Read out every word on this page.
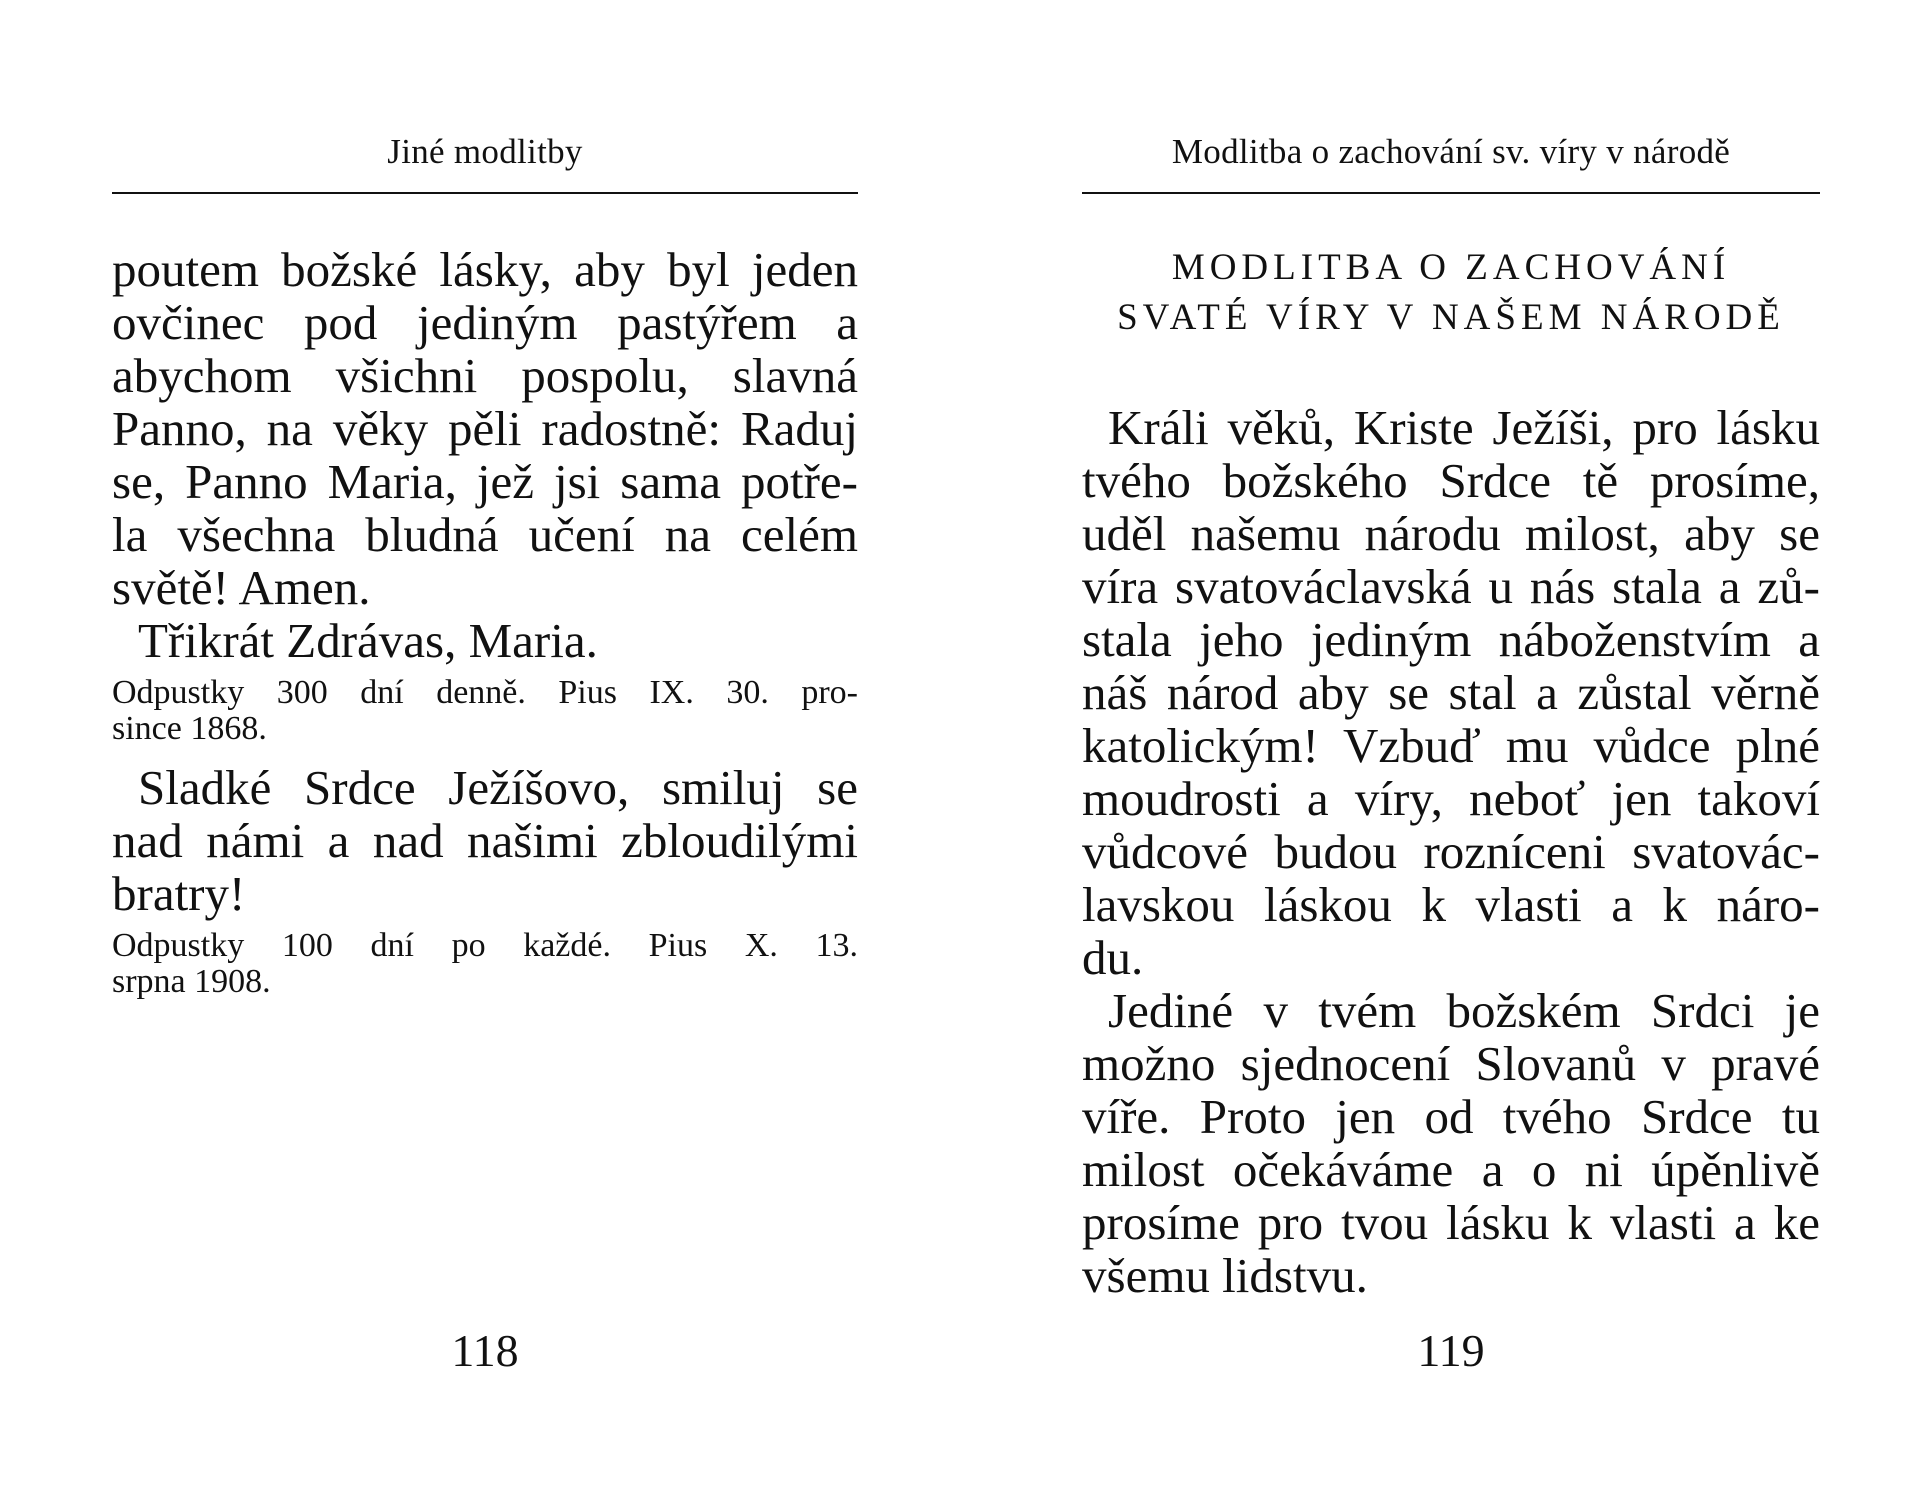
Jiné modlitby
poutem božské lásky, aby byl jeden
ovčinec pod jediným pastýřem a
abychom všichni pospolu, slavná
Panno, na věky pěli radostně: Raduj
se, Panno Maria, jež jsi sama potře-
la všechna bludná učení na celém
světě! Amen.
Třikrát Zdrávas, Maria.
Odpustky 300 dní denně. Pius IX. 30. pro-
since 1868.
Sladké Srdce Ježíšovo, smiluj se
nad námi a nad našimi zbloudilými
bratry!
Odpustky 100 dní po každé. Pius X. 13.
srpna 1908.
118
Modlitba o zachování sv. víry v národě
MODLITBA O ZACHOVÁNÍ
SVATÉ VÍRY V NAŠEM NÁRODĚ
Králi věků, Kriste Ježíši, pro lásku
tvého božského Srdce tě prosíme,
uděl našemu národu milost, aby se
víra svatováclavská u nás stala a zů-
stala jeho jediným náboženstvím a
náš národ aby se stal a zůstal věrně
katolickým! Vzbuď mu vůdce plné
moudrosti a víry, neboť jen takoví
vůdcové budou rozníceni svatovác-
lavskou láskou k vlasti a k náro-
du.
Jediné v tvém božském Srdci je
možno sjednocení Slovanů v pravé
víře. Proto jen od tvého Srdce tu
milost očekáváme a o ni úpěnlivě
prosíme pro tvou lásku k vlasti a ke
všemu lidstvu.
119
